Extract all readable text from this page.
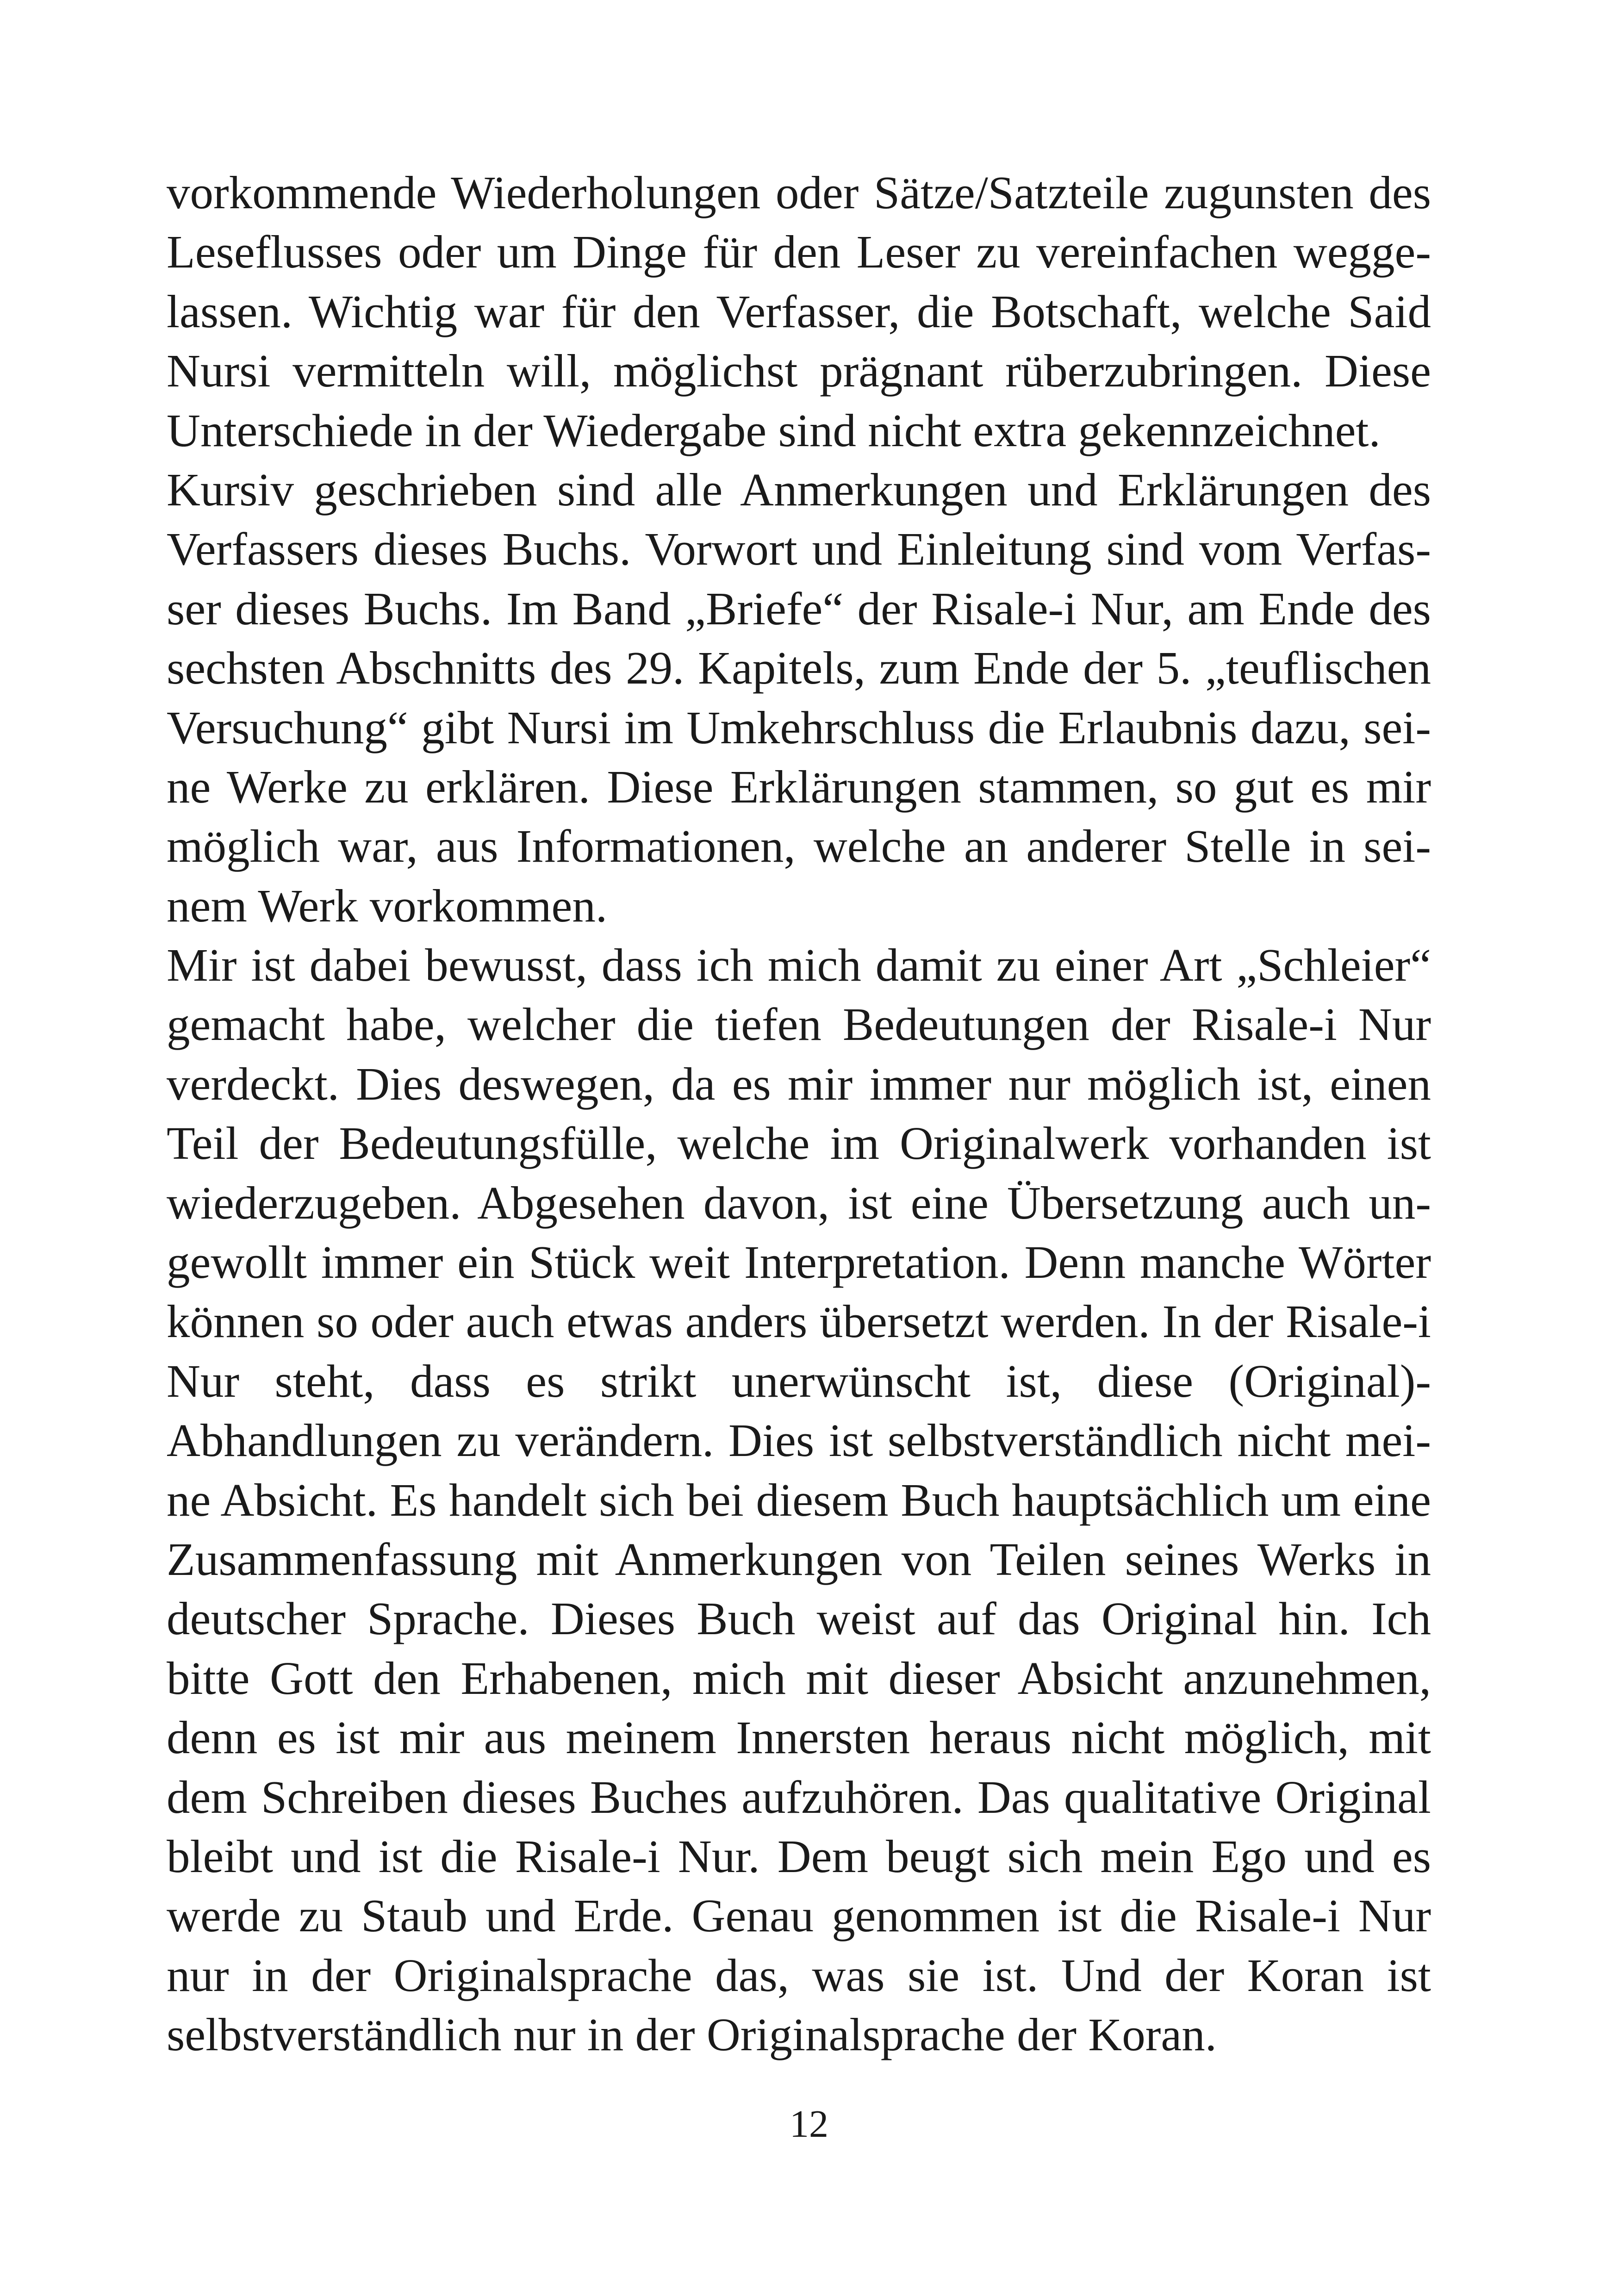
vorkommende Wiederholungen oder Sätze/Satzteile zugunsten des
Leseflusses oder um Dinge für den Leser zu vereinfachen wegge-
lassen. Wichtig war für den Verfasser, die Botschaft, welche Said
Nursi vermitteln will, möglichst prägnant rüberzubringen. Diese
Unterschiede in der Wiedergabe sind nicht extra gekennzeichnet.
Kursiv geschrieben sind alle Anmerkungen und Erklärungen des
Verfassers dieses Buchs. Vorwort und Einleitung sind vom Verfas-
ser dieses Buchs. Im Band „Briefe“ der Risale-i Nur, am Ende des
sechsten Abschnitts des 29. Kapitels, zum Ende der 5. „teuflischen
Versuchung“ gibt Nursi im Umkehrschluss die Erlaubnis dazu, sei-
ne Werke zu erklären. Diese Erklärungen stammen, so gut es mir
möglich war, aus Informationen, welche an anderer Stelle in sei-
nem Werk vorkommen.
Mir ist dabei bewusst, dass ich mich damit zu einer Art „Schleier“
gemacht habe, welcher die tiefen Bedeutungen der Risale-i Nur
verdeckt. Dies deswegen, da es mir immer nur möglich ist, einen
Teil der Bedeutungsfülle, welche im Originalwerk vorhanden ist
wiederzugeben. Abgesehen davon, ist eine Übersetzung auch un-
gewollt immer ein Stück weit Interpretation. Denn manche Wörter
können so oder auch etwas anders übersetzt werden. In der Risale-i
Nur steht, dass es strikt unerwünscht ist, diese (Original)-
Abhandlungen zu verändern. Dies ist selbstverständlich nicht mei-
ne Absicht. Es handelt sich bei diesem Buch hauptsächlich um eine
Zusammenfassung mit Anmerkungen von Teilen seines Werks in
deutscher Sprache. Dieses Buch weist auf das Original hin. Ich
bitte Gott den Erhabenen, mich mit dieser Absicht anzunehmen,
denn es ist mir aus meinem Innersten heraus nicht möglich, mit
dem Schreiben dieses Buches aufzuhören. Das qualitative Original
bleibt und ist die Risale-i Nur. Dem beugt sich mein Ego und es
werde zu Staub und Erde. Genau genommen ist die Risale-i Nur
nur in der Originalsprache das, was sie ist. Und der Koran ist
selbstverständlich nur in der Originalsprache der Koran.
12
